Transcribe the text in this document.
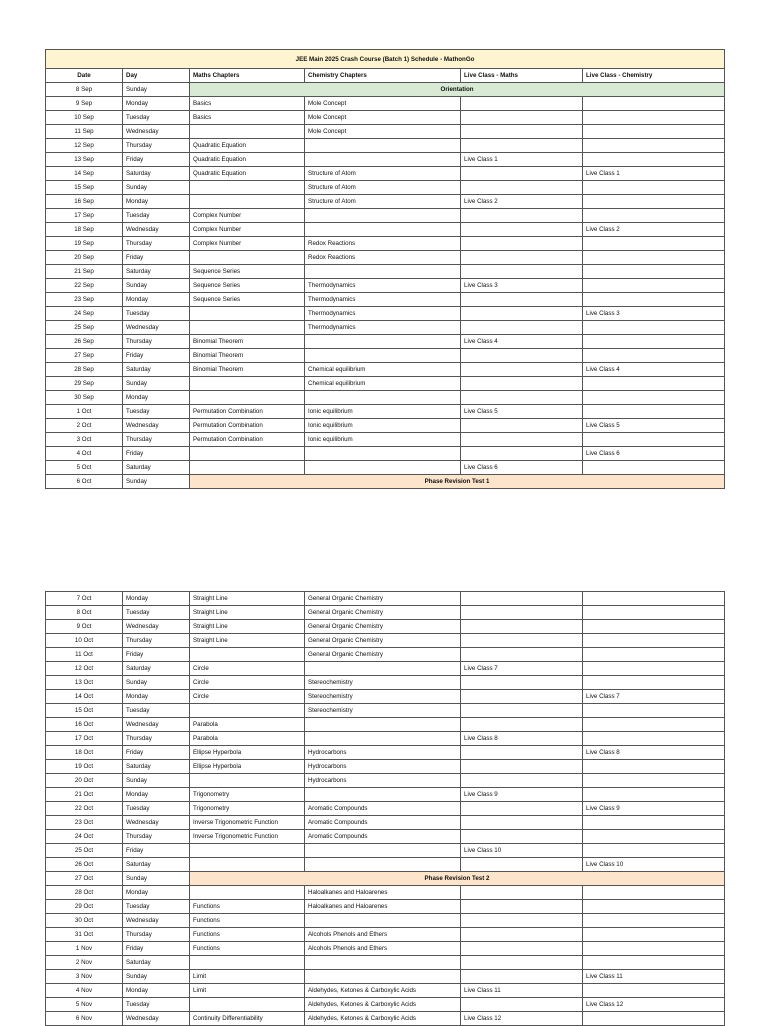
JEE Main 2025 Crash Course (Batch 1) Schedule - MathonGo					
Date	Day	Maths Chapters	Chemistry Chapters	Live Class - Maths	Live Class - Chemistry
8 Sep	Sunday	Orientation			
9 Sep	Monday	Basics	Mole Concept		
10 Sep	Tuesday	Basics	Mole Concept		
11 Sep	Wednesday		Mole Concept		
12 Sep	Thursday	Quadratic Equation			
13 Sep	Friday	Quadratic Equation		Live Class 1	
14 Sep	Saturday	Quadratic Equation	Structure of Atom		Live Class 1
15 Sep	Sunday		Structure of Atom		
16 Sep	Monday		Structure of Atom	Live Class 2	
17 Sep	Tuesday	Complex Number			
18 Sep	Wednesday	Complex Number			Live Class 2
19 Sep	Thursday	Complex Number	Redox Reactions		
20 Sep	Friday		Redox Reactions		
21 Sep	Saturday	Sequence Series			
22 Sep	Sunday	Sequence Series	Thermodynamics	Live Class 3	
23 Sep	Monday	Sequence Series	Thermodynamics		
24 Sep	Tuesday		Thermodynamics		Live Class 3
25 Sep	Wednesday		Thermodynamics		
26 Sep	Thursday	Binomial Theorem		Live Class 4	
27 Sep	Friday	Binomial Theorem			
28 Sep	Saturday	Binomial Theorem	Chemical equilibrium		Live Class 4
29 Sep	Sunday		Chemical equilibrium		
30 Sep	Monday				
1 Oct	Tuesday	Permutation Combination	Ionic equilibrium	Live Class 5	
2 Oct	Wednesday	Permutation Combination	Ionic equilibrium		Live Class 5
3 Oct	Thursday	Permutation Combination	Ionic equilibrium		
4 Oct	Friday				Live Class 6
5 Oct	Saturday			Live Class 6	
6 Oct	Sunday	Phase Revision Test 1			
7 Oct	Monday	Straight Line	General Organic Chemistry		
8 Oct	Tuesday	Straight Line	General Organic Chemistry		
9 Oct	Wednesday	Straight Line	General Organic Chemistry		
10 Oct	Thursday	Straight Line	General Organic Chemistry		
11 Oct	Friday		General Organic Chemistry		
12 Oct	Saturday	Circle		Live Class 7	
13 Oct	Sunday	Circle	Stereochemistry		
14 Oct	Monday	Circle	Stereochemistry		Live Class 7
15 Oct	Tuesday		Stereochemistry		
16 Oct	Wednesday	Parabola			
17 Oct	Thursday	Parabola		Live Class 8	
18 Oct	Friday	Ellipse Hyperbola	Hydrocarbons		Live Class 8
19 Oct	Saturday	Ellipse Hyperbola	Hydrocarbons		
20 Oct	Sunday		Hydrocarbons		
21 Oct	Monday	Trigonometry		Live Class 9	
22 Oct	Tuesday	Trigonometry	Aromatic Compounds		Live Class 9
23 Oct	Wednesday	Inverse Trigonometric Function	Aromatic Compounds		
24 Oct	Thursday	Inverse Trigonometric Function	Aromatic Compounds		
25 Oct	Friday			Live Class 10	
26 Oct	Saturday				Live Class 10
27 Oct	Sunday	Phase Revision Test 2			
28 Oct	Monday		Haloalkanes and Haloarenes		
29 Oct	Tuesday	Functions	Haloalkanes and Haloarenes		
30 Oct	Wednesday	Functions			
31 Oct	Thursday	Functions	Alcohols Phenols and Ethers		
1 Nov	Friday	Functions	Alcohols Phenols and Ethers		
2 Nov	Saturday				
3 Nov	Sunday	Limit			Live Class 11
4 Nov	Monday	Limit	Aldehydes, Ketones & Carboxylic Acids	Live Class 11	
5 Nov	Tuesday		Aldehydes, Ketones & Carboxylic Acids		Live Class 12
6 Nov	Wednesday	Continuity Differentiability	Aldehydes, Ketones & Carboxylic Acids	Live Class 12	
